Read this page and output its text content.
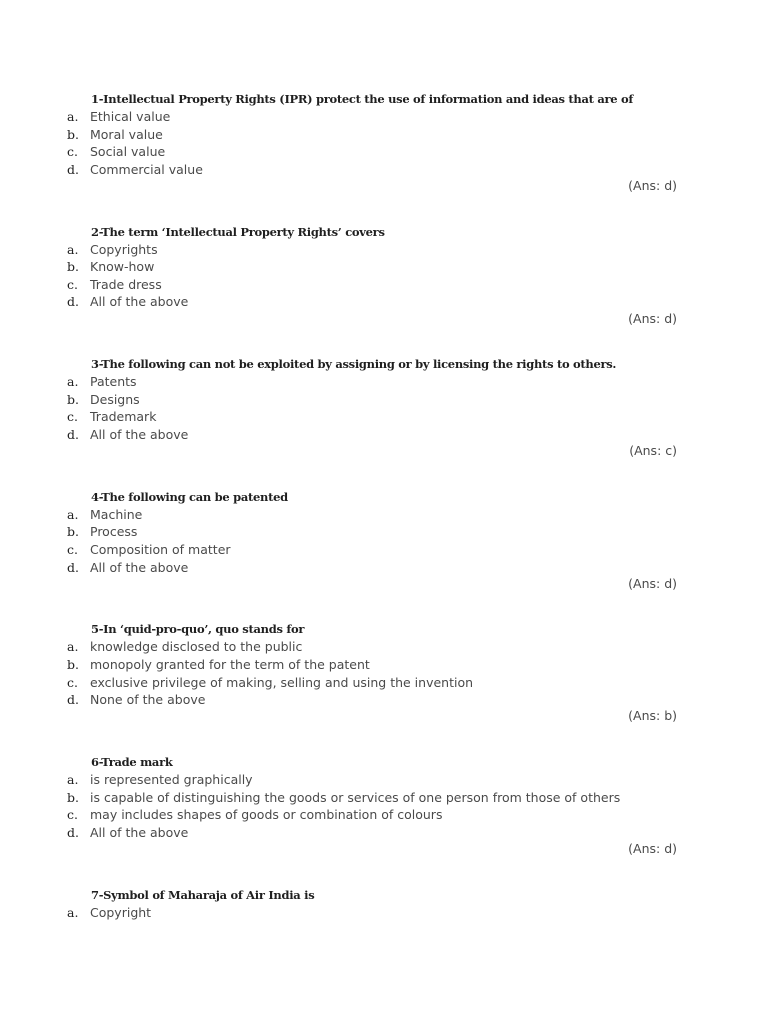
1-Intellectual Property Rights (IPR) protect the use of information and ideas that are of
a. Ethical value
b. Moral value
c. Social value
d. Commercial value
(Ans: d)
2-The term ‘Intellectual Property Rights’ covers
a. Copyrights
b. Know-how
c. Trade dress
d. All of the above
(Ans: d)
3-The following can not be exploited by assigning or by licensing the rights to others.
a. Patents
b. Designs
c. Trademark
d. All of the above
(Ans: c)
4-The following can be patented
a. Machine
b. Process
c. Composition of matter
d. All of the above
(Ans: d)
5-In ‘quid-pro-quo’, quo stands for
a. knowledge disclosed to the public
b. monopoly granted for the term of the patent
c. exclusive privilege of making, selling and using the invention
d. None of the above
(Ans: b)
6-Trade mark
a. is represented graphically
b. is capable of distinguishing the goods or services of one person from those of others
c. may includes shapes of goods or combination of colours
d. All of the above
(Ans: d)
7-Symbol of Maharaja of Air India is
a. Copyright
